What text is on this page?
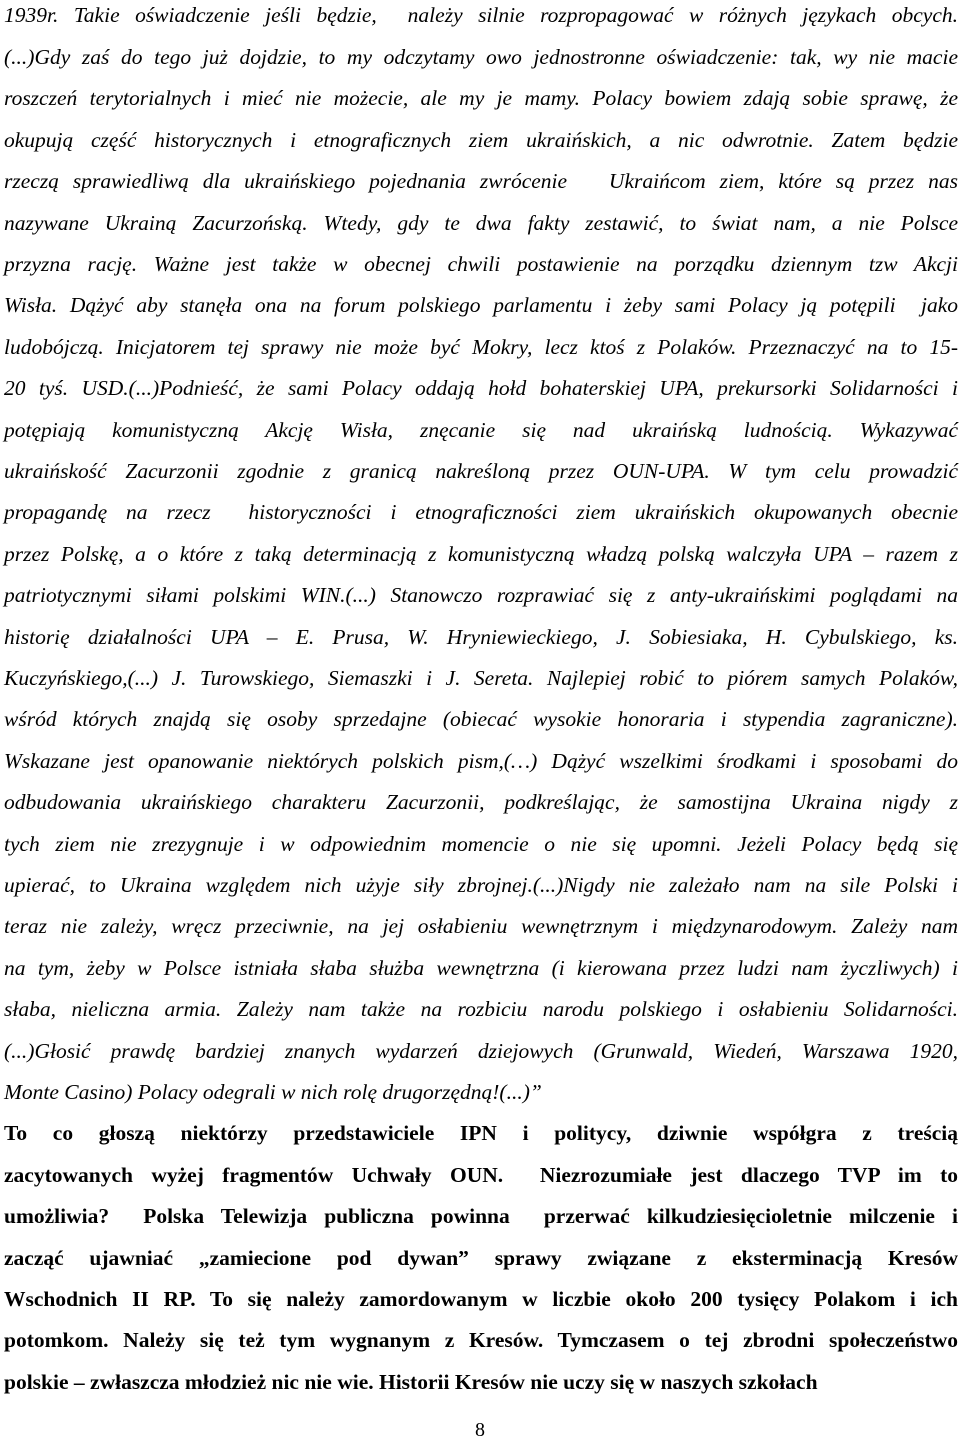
1939r. Takie oświadczenie jeśli będzie,  należy silnie rozpropagować w różnych językach obcych.
(...)Gdy zaś do tego już dojdzie, to my odczytamy owo jednostronne oświadczenie: tak, wy nie macie
roszczeń terytorialnych i mieć nie możecie, ale my je mamy. Polacy bowiem zdają sobie sprawę, że
okupują część historycznych i etnograficznych ziem ukraińskich, a nic odwrotnie. Zatem będzie
rzeczą sprawiedliwą dla ukraińskiego pojednania zwrócenie   Ukraińcom ziem, które są przez nas
nazywane Ukrainą Zacurzońską. Wtedy, gdy te dwa fakty zestawić, to świat nam, a nie Polsce
przyzna rację. Ważne jest także w obecnej chwili postawienie na porządku dziennym tzw Akcji
Wisła. Dążyć aby stanęła ona na forum polskiego parlamentu i żeby sami Polacy ją potępili  jako
ludobójczą. Inicjatorem tej sprawy nie może być Mokry, lecz ktoś z Polaków. Przeznaczyć na to 15-
20 tyś. USD.(...)Podnieść, że sami Polacy oddają hołd bohaterskiej UPA, prekursorki Solidarności i
potępiają komunistyczną Akcję Wisła, znęcanie się nad ukraińską ludnością. Wykazywać
ukraińskość Zacurzonii zgodnie z granicą nakreśloną przez OUN-UPA. W tym celu prowadzić
propagandę na rzecz  historyczności i etnograficzności ziem ukraińskich okupowanych obecnie
przez Polskę, a o które z taką determinacją z komunistyczną władzą polską walczyła UPA – razem z
patriotycznymi siłami polskimi WIN.(...) Stanowczo rozprawiać się z anty-ukraińskimi poglądami na
historię działalności UPA – E. Prusa, W. Hryniewieckiego, J. Sobiesiaka, H. Cybulskiego, ks.
Kuczyńskiego,(...) J. Turowskiego, Siemaszki i J. Sereta. Najlepiej robić to piórem samych Polaków,
wśród których znajdą się osoby sprzedajne (obiecać wysokie honoraria i stypendia zagraniczne).
Wskazane jest opanowanie niektórych polskich pism,(…) Dążyć wszelkimi środkami i sposobami do
odbudowania ukraińskiego charakteru Zacurzonii, podkreślając, że samostijna Ukraina nigdy z
tych ziem nie zrezygnuje i w odpowiednim momencie o nie się upomni. Jeżeli Polacy będą się
upierać, to Ukraina względem nich użyje siły zbrojnej.(...)Nigdy nie zależało nam na sile Polski i
teraz nie zależy, wręcz przeciwnie, na jej osłabieniu wewnętrznym i międzynarodowym. Zależy nam
na tym, żeby w Polsce istniała słaba służba wewnętrzna (i kierowana przez ludzi nam życzliwych) i
słaba, nieliczna armia. Zależy nam także na rozbiciu narodu polskiego i osłabieniu Solidarności.
(...)Głosić prawdę bardziej znanych wydarzeń dziejowych (Grunwald, Wiedeń, Warszawa 1920,
Monte Casino) Polacy odegrali w nich rolę drugorzędną!(...)”
To co głoszą niektórzy przedstawiciele IPN i politycy, dziwnie współgra z treścią
zacytowanych wyżej fragmentów Uchwały OUN.  Niezrozumiałe jest dlaczego TVP im to
umożliwia?  Polska Telewizja publiczna powinna  przerwać kilkudziesięcioletnie milczenie i
zacząć ujawniać „zamiecione pod dywan” sprawy związane z eksterminacją Kresów
Wschodnich II RP. To się należy zamordowanym w liczbie około 200 tysięcy Polakom i ich
potomkom. Należy się też tym wygnanym z Kresów. Tymczasem o tej zbrodni społeczeństwo
polskie – zwłaszcza młodzież nic nie wie. Historii Kresów nie uczy się w naszych szkołach
8
